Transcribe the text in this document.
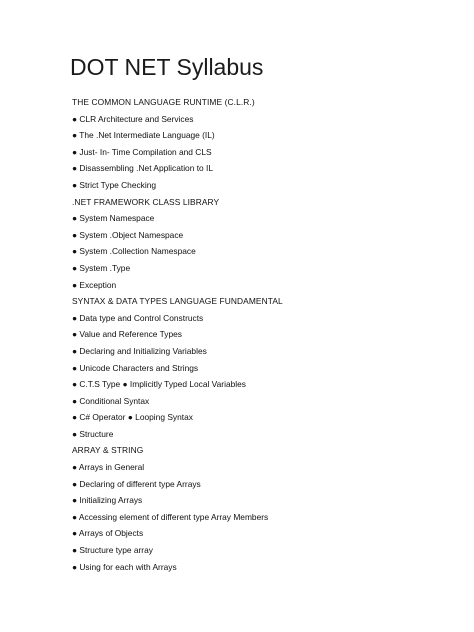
DOT NET Syllabus
THE COMMON LANGUAGE RUNTIME (C.L.R.)
● CLR Architecture and Services
● The .Net Intermediate Language (IL)
● Just- In- Time Compilation and CLS
● Disassembling .Net Application to IL
● Strict Type Checking
.NET FRAMEWORK CLASS LIBRARY
● System Namespace
● System .Object Namespace
● System .Collection Namespace
● System .Type
● Exception
SYNTAX & DATA TYPES LANGUAGE FUNDAMENTAL
● Data type and Control Constructs
● Value and Reference Types
● Declaring and Initializing Variables
● Unicode Characters and Strings
● C.T.S Type ● Implicitly Typed Local Variables
● Conditional Syntax
● C# Operator ● Looping Syntax
● Structure
ARRAY & STRING
● Arrays in General
● Declaring of different type Arrays
● Initializing Arrays
● Accessing element of different type Array Members
● Arrays of Objects
● Structure type array
● Using for each with Arrays
